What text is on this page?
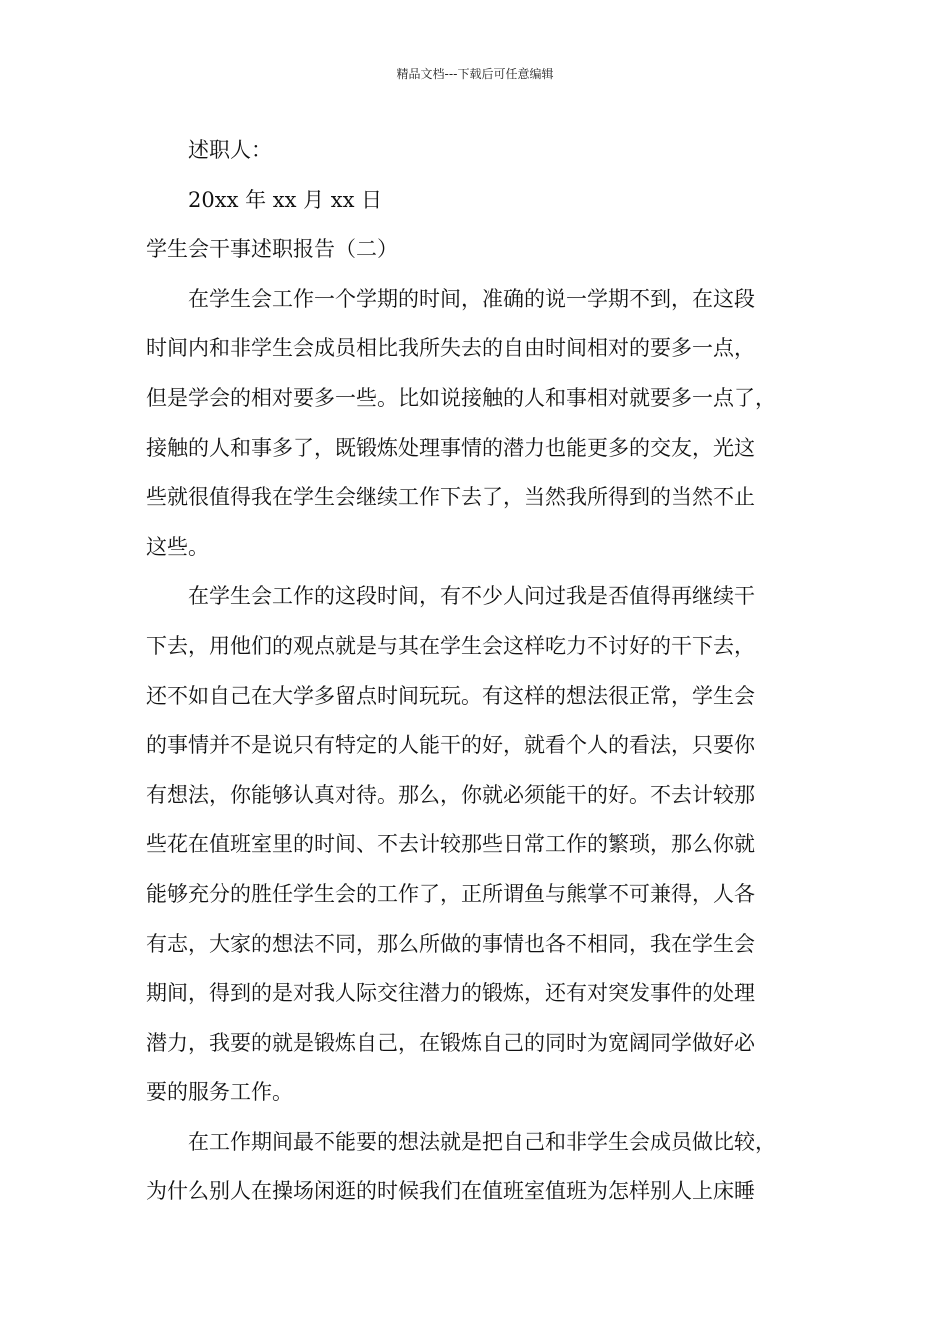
精品文档---下载后可任意编辑
述职人：
20xx 年 xx 月 xx 日
学生会干事述职报告（二）
在学生会工作一个学期的时间，准确的说一学期不到，在这段
时间内和非学生会成员相比我所失去的自由时间相对的要多一点，
但是学会的相对要多一些。比如说接触的人和事相对就要多一点了，
接触的人和事多了，既锻炼处理事情的潜力也能更多的交友，光这
些就很值得我在学生会继续工作下去了，当然我所得到的当然不止
这些。
在学生会工作的这段时间，有不少人问过我是否值得再继续干
下去，用他们的观点就是与其在学生会这样吃力不讨好的干下去，
还不如自己在大学多留点时间玩玩。有这样的想法很正常，学生会
的事情并不是说只有特定的人能干的好，就看个人的看法，只要你
有想法，你能够认真对待。那么，你就必须能干的好。不去计较那
些花在值班室里的时间、不去计较那些日常工作的繁琐，那么你就
能够充分的胜任学生会的工作了，正所谓鱼与熊掌不可兼得，人各
有志，大家的想法不同，那么所做的事情也各不相同，我在学生会
期间，得到的是对我人际交往潜力的锻炼，还有对突发事件的处理
潜力，我要的就是锻炼自己，在锻炼自己的同时为宽阔同学做好必
要的服务工作。
在工作期间最不能要的想法就是把自己和非学生会成员做比较，
为什么别人在操场闲逛的时候我们在值班室值班为怎样别人上床睡
